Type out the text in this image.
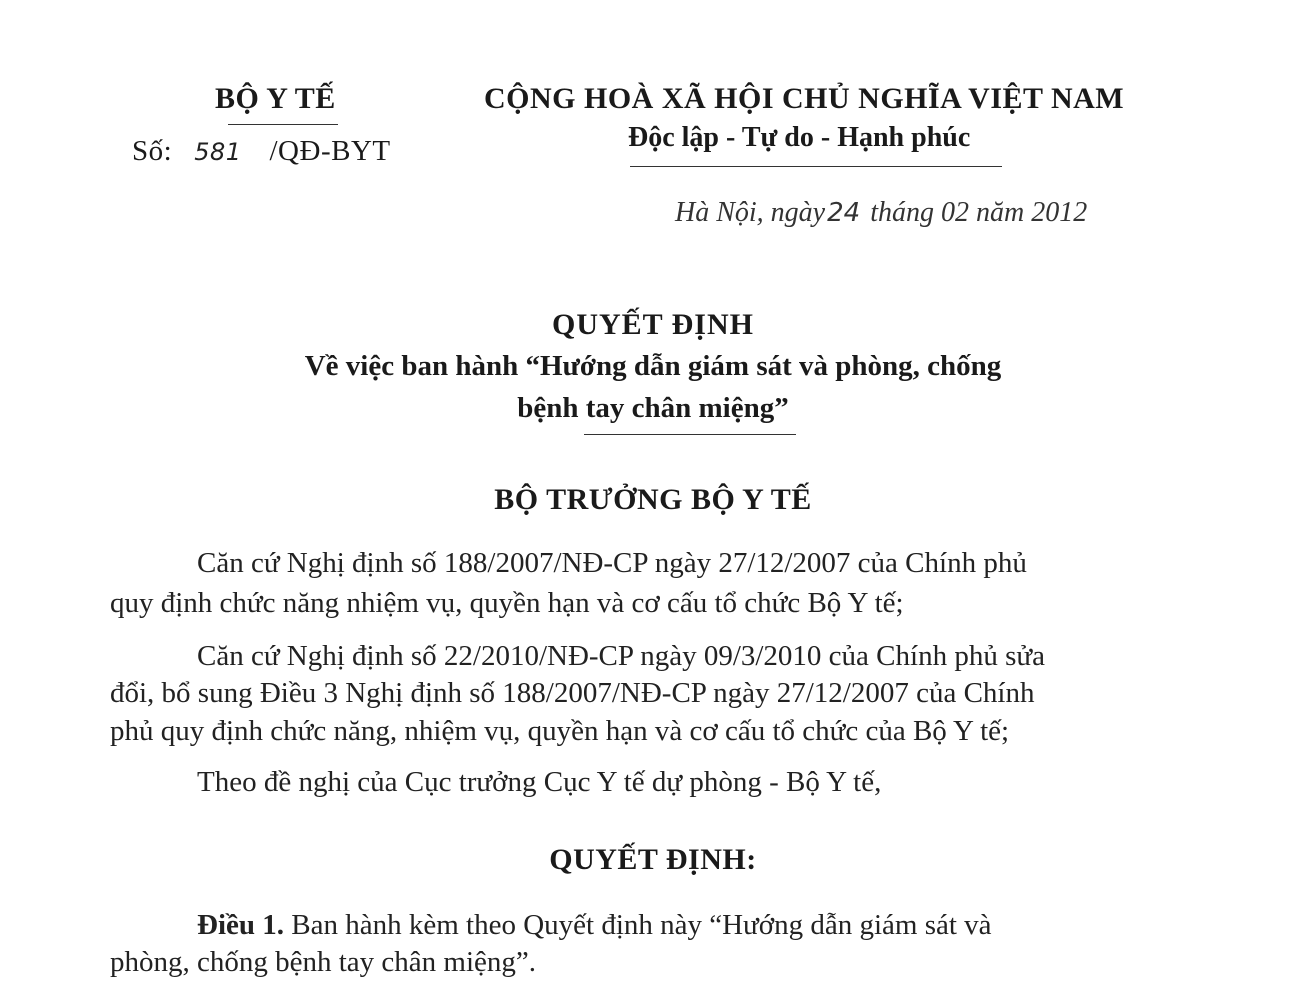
BỘ Y TẾ
Số: 581 /QĐ-BYT
CỘNG HOÀ XÃ HỘI CHỦ NGHĨA VIỆT NAM
Độc lập - Tự do - Hạnh phúc
Hà Nội, ngày24 tháng 02 năm 2012
QUYẾT ĐỊNH
Về việc ban hành “Hướng dẫn giám sát và phòng, chống
bệnh tay chân miệng”
BỘ TRƯỞNG BỘ Y TẾ
Căn cứ Nghị định số 188/2007/NĐ-CP ngày 27/12/2007 của Chính phủ
quy định chức năng nhiệm vụ, quyền hạn và cơ cấu tổ chức Bộ Y tế;
Căn cứ Nghị định số 22/2010/NĐ-CP ngày 09/3/2010 của Chính phủ sửa
đổi, bổ sung Điều 3 Nghị định số 188/2007/NĐ-CP ngày 27/12/2007 của Chính
phủ quy định chức năng, nhiệm vụ, quyền hạn và cơ cấu tổ chức của Bộ Y tế;
Theo đề nghị của Cục trưởng Cục Y tế dự phòng - Bộ Y tế,
QUYẾT ĐỊNH:
Điều 1. Ban hành kèm theo Quyết định này “Hướng dẫn giám sát và
phòng, chống bệnh tay chân miệng”.
